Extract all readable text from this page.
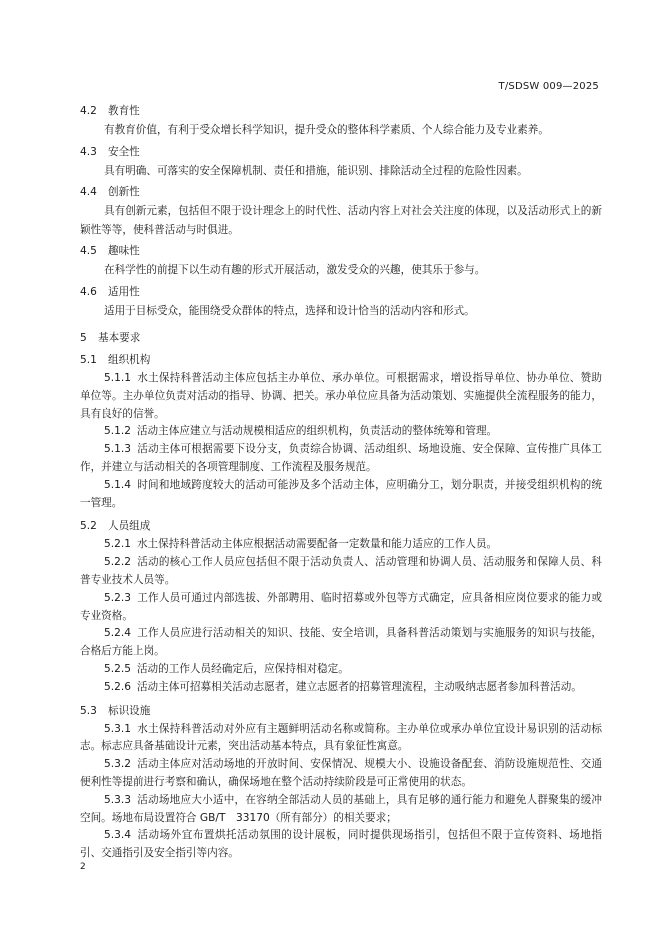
T/SDSW 009—2025
4.2 教育性
有教育价值，有利于受众增长科学知识，提升受众的整体科学素质、个人综合能力及专业素养。
4.3 安全性
具有明确、可落实的安全保障机制、责任和措施，能识别、排除活动全过程的危险性因素。
4.4 创新性
具有创新元素，包括但不限于设计理念上的时代性、活动内容上对社会关注度的体现，以及活动形式上的新颖性等等，使科普活动与时俱进。
4.5 趣味性
在科学性的前提下以生动有趣的形式开展活动，激发受众的兴趣，使其乐于参与。
4.6 适用性
适用于目标受众，能围绕受众群体的特点，选择和设计恰当的活动内容和形式。
5 基本要求
5.1 组织机构
5.1.1 水土保持科普活动主体应包括主办单位、承办单位。可根据需求，增设指导单位、协办单位、赞助单位等。主办单位负责对活动的指导、协调、把关。承办单位应具备为活动策划、实施提供全流程服务的能力，具有良好的信誉。
5.1.2 活动主体应建立与活动规模相适应的组织机构，负责活动的整体统筹和管理。
5.1.3 活动主体可根据需要下设分支，负责综合协调、活动组织、场地设施、安全保障、宣传推广具体工作，并建立与活动相关的各项管理制度、工作流程及服务规范。
5.1.4 时间和地域跨度较大的活动可能涉及多个活动主体，应明确分工，划分职责，并接受组织机构的统一管理。
5.2 人员组成
5.2.1 水土保持科普活动主体应根据活动需要配备一定数量和能力适应的工作人员。
5.2.2 活动的核心工作人员应包括但不限于活动负责人、活动管理和协调人员、活动服务和保障人员、科普专业技术人员等。
5.2.3 工作人员可通过内部选拔、外部聘用、临时招募或外包等方式确定，应具备相应岗位要求的能力或专业资格。
5.2.4 工作人员应进行活动相关的知识、技能、安全培训，具备科普活动策划与实施服务的知识与技能，合格后方能上岗。
5.2.5 活动的工作人员经确定后，应保持相对稳定。
5.2.6 活动主体可招募相关活动志愿者，建立志愿者的招募管理流程，主动吸纳志愿者参加科普活动。
5.3 标识设施
5.3.1 水土保持科普活动对外应有主题鲜明活动名称或简称。主办单位或承办单位宜设计易识别的活动标志。标志应具备基础设计元素，突出活动基本特点，具有象征性寓意。
5.3.2 活动主体应对活动场地的开放时间、安保情况、规模大小、设施设备配套、消防设施规范性、交通便利性等提前进行考察和确认，确保场地在整个活动持续阶段是可正常使用的状态。
5.3.3 活动场地应大小适中，在容纳全部活动人员的基础上，具有足够的通行能力和避免人群聚集的缓冲空间。场地布局设置符合 GB/T　33170（所有部分）的相关要求；
5.3.4 活动场外宜布置烘托活动氛围的设计展板，同时提供现场指引，包括但不限于宣传资料、场地指引、交通指引及安全指引等内容。
2
